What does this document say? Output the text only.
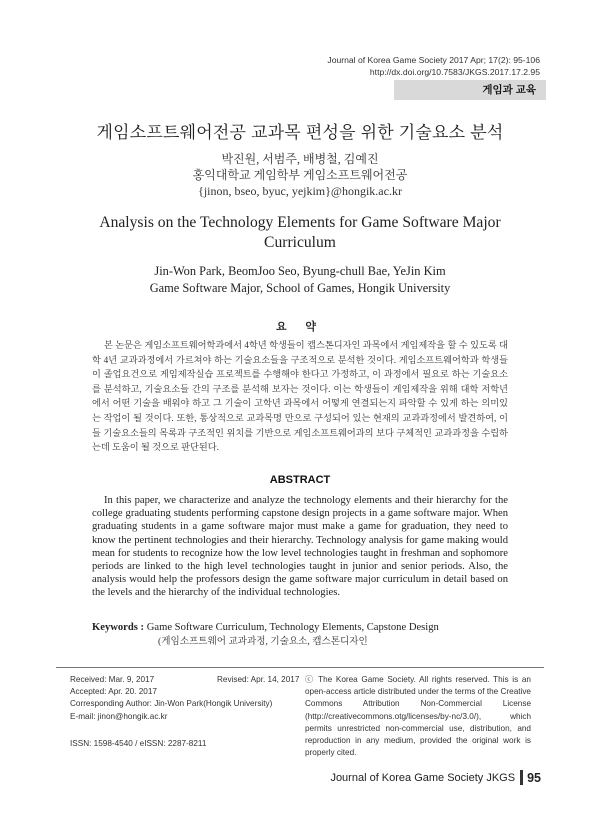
Journal of Korea Game Society 2017 Apr; 17(2): 95-106
http://dx.doi.org/10.7583/JKGS.2017.17.2.95
게임과 교육
게임소프트웨어전공 교과목 편성을 위한 기술요소 분석
박진원, 서범주, 배병철, 김예진
홍익대학교 게임학부 게임소프트웨어전공
{jinon, bseo, byuc, yejkim}@hongik.ac.kr
Analysis on the Technology Elements for Game Software Major Curriculum
Jin-Won Park, BeomJoo Seo, Byung-chull Bae, YeJin Kim
Game Software Major, School of Games, Hongik University
요 약
본 논문은 게임소프트웨어학과에서 4학년 학생들이 캡스톤디자인 과목에서 게임제작을 할 수 있도록 대학 4년 교과과정에서 가르쳐야 하는 기술요소들을 구조적으로 분석한 것이다. 게임소프트웨어학과 학생들이 졸업요건으로 게임제작실습 프로젝트를 수행해야 한다고 가정하고, 이 과정에서 필요로 하는 기술요소를 분석하고, 기술요소들 간의 구조를 분석해 보자는 것이다. 이는 학생들이 게임제작을 위해 대학 저학년에서 어떤 기술을 배워야 하고 그 기술이 고학년 과목에서 어떻게 연결되는지 파악할 수 있게 하는 의미있는 작업이 될 것이다. 또한, 통상적으로 교과목명 만으로 구성되어 있는 현재의 교과과정에서 발견하여, 이들 기술요소들의 목록과 구조적인 위치를 기반으로 게임소프트웨어과의 보다 구체적인 교과과정을 수립하는데 도움이 될 것으로 판단된다.
ABSTRACT
In this paper, we characterize and analyze the technology elements and their hierarchy for the college graduating students performing capstone design projects in a game software major. When graduating students in a game software major must make a game for graduation, they need to know the pertinent technologies and their hierarchy. Technology analysis for game making would mean for students to recognize how the low level technologies taught in freshman and sophomore periods are linked to the high level technologies taught in junior and senior periods. Also, the analysis would help the professors design the game software major curriculum in detail based on the levels and the hierarchy of the individual technologies.
Keywords : Game Software Curriculum, Technology Elements, Capstone Design
(게임소프트웨어 교과과정, 기술요소, 캡스톤디자인
Received: Mar. 9, 2017	Revised: Apr. 14, 2017
Accepted: Apr. 20. 2017
Corresponding Author: Jin-Won Park(Hongik University)
E-mail: jinon@hongik.ac.kr
ISSN: 1598-4540 / eISSN: 2287-8211
ⓒ The Korea Game Society. All rights reserved. This is an open-access article distributed under the terms of the Creative Commons Attribution Non-Commercial License (http://creativecommons.otg/licenses/by-nc/3.0/), which permits unrestricted non-commercial use, distribution, and reproduction in any medium, provided the original work is properly cited.
Journal of Korea Game Society JKGS 95
